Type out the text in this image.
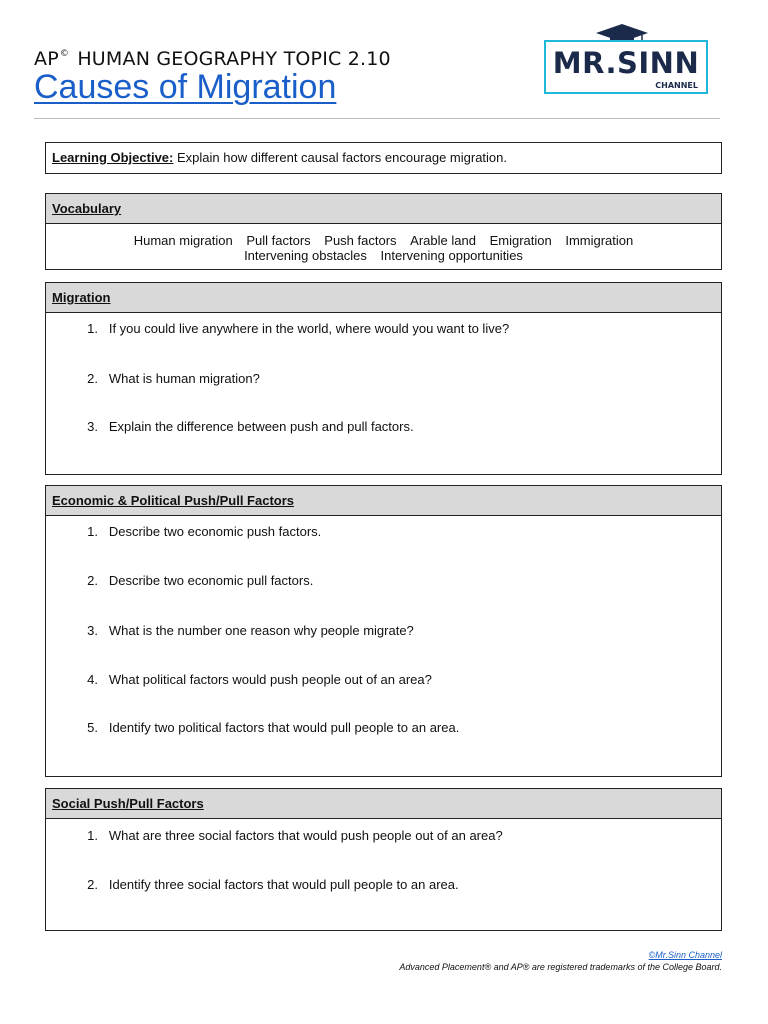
AP© HUMAN GEOGRAPHY TOPIC 2.10
Causes of Migration
MR.SINN
CHANNEL
Learning Objective: Explain how different causal factors encourage migration.
Vocabulary
Human migration Pull factors Push factors Arable land Emigration Immigration
Intervening obstacles Intervening opportunities
Migration
1. If you could live anywhere in the world, where would you want to live?
2. What is human migration?
3. Explain the difference between push and pull factors.
Economic & Political Push/Pull Factors
1. Describe two economic push factors.
2. Describe two economic pull factors.
3. What is the number one reason why people migrate?
4. What political factors would push people out of an area?
5. Identify two political factors that would pull people to an area.
Social Push/Pull Factors
1. What are three social factors that would push people out of an area?
2. Identify three social factors that would pull people to an area.
©Mr.Sinn Channel
Advanced Placement® and AP® are registered trademarks of the College Board.
